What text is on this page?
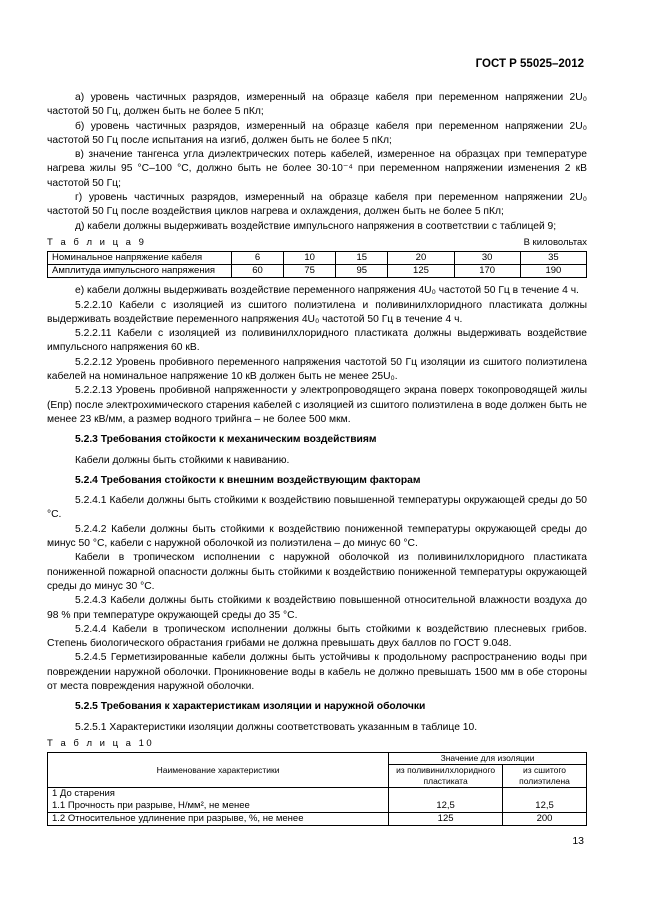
ГОСТ Р 55025–2012

а) уровень частичных разрядов, измеренный на образце кабеля при переменном напряжении 2U₀ частотой 50 Гц, должен быть не более 5 пКл;

б) уровень частичных разрядов, измеренный на образце кабеля при переменном напряжении 2U₀ частотой 50 Гц после испытания на изгиб, должен быть не более 5 пКл;

в) значение тангенса угла диэлектрических потерь кабелей, измеренное на образцах при температуре нагрева жилы 95 °С–100 °С, должно быть не более 30·10⁻⁴ при переменном напряжении изменения 2 кВ частотой 50 Гц;

г) уровень частичных разрядов, измеренный на образце кабеля при переменном напряжении 2U₀ частотой 50 Гц после воздействия циклов нагрева и охлаждения, должен быть не более 5 пКл;

д) кабели должны выдерживать воздействие импульсного напряжения в соответствии с таблицей 9;

Т а б л и ц а 9	В киловольтах
Номинальное напряжение кабеля	6	10	15	20	30	35
Амплитуда импульсного напряжения	60	75	95	125	170	190

е) кабели должны выдерживать воздействие переменного напряжения 4U₀ частотой 50 Гц в течение 4 ч.

5.2.2.10 Кабели с изоляцией из сшитого полиэтилена и поливинилхлоридного пластиката должны выдерживать воздействие переменного напряжения 4U₀ частотой 50 Гц в течение 4 ч.

5.2.2.11 Кабели с изоляцией из поливинилхлоридного пластиката должны выдерживать воздействие импульсного напряжения 60 кВ.

5.2.2.12 Уровень пробивного переменного напряжения частотой 50 Гц изоляции из сшитого полиэтилена кабелей на номинальное напряжение 10 кВ должен быть не менее 25U₀.

5.2.2.13 Уровень пробивной напряженности у электропроводящего экрана поверх токопроводящей жилы (Eпр) после электрохимического старения кабелей с изоляцией из сшитого полиэтилена в воде должен быть не менее 23 кВ/мм, а размер водного трийнга – не более 500 мкм.

5.2.3 Требования стойкости к механическим воздействиям

Кабели должны быть стойкими к навиванию.

5.2.4 Требования стойкости к внешним воздействующим факторам

5.2.4.1 Кабели должны быть стойкими к воздействию повышенной температуры окружающей среды до 50 °С.

5.2.4.2 Кабели должны быть стойкими к воздействию пониженной температуры окружающей среды до минус 50 °С, кабели с наружной оболочкой из полиэтилена – до минус 60 °С.

Кабели в тропическом исполнении с наружной оболочкой из поливинилхлоридного пластиката пониженной пожарной опасности должны быть стойкими к воздействию пониженной температуры окружающей среды до минус 30 °С.

5.2.4.3 Кабели должны быть стойкими к воздействию повышенной относительной влажности воздуха до 98 % при температуре окружающей среды до 35 °С.

5.2.4.4 Кабели в тропическом исполнении должны быть стойкими к воздействию плесневых грибов. Степень биологического обрастания грибами не должна превышать двух баллов по ГОСТ 9.048.

5.2.4.5 Герметизированные кабели должны быть устойчивы к продольному распространению воды при повреждении наружной оболочки. Проникновение воды в кабель не должно превышать 1500 мм в обе стороны от места повреждения наружной оболочки.

5.2.5 Требования к характеристикам изоляции и наружной оболочки

5.2.5.1 Характеристики изоляции должны соответствовать указанным в таблице 10.

Т а б л и ц а 10
Наименование характеристики	Значение для изоляции	
	из поливинилхлоридного пластиката	из сшитого полиэтилена

1 До старения
1.1 Прочность при разрыве, Н/мм², не менее	12,5	12,5
1.2 Относительное удлинение при разрыве, %, не менее	125	200
13
